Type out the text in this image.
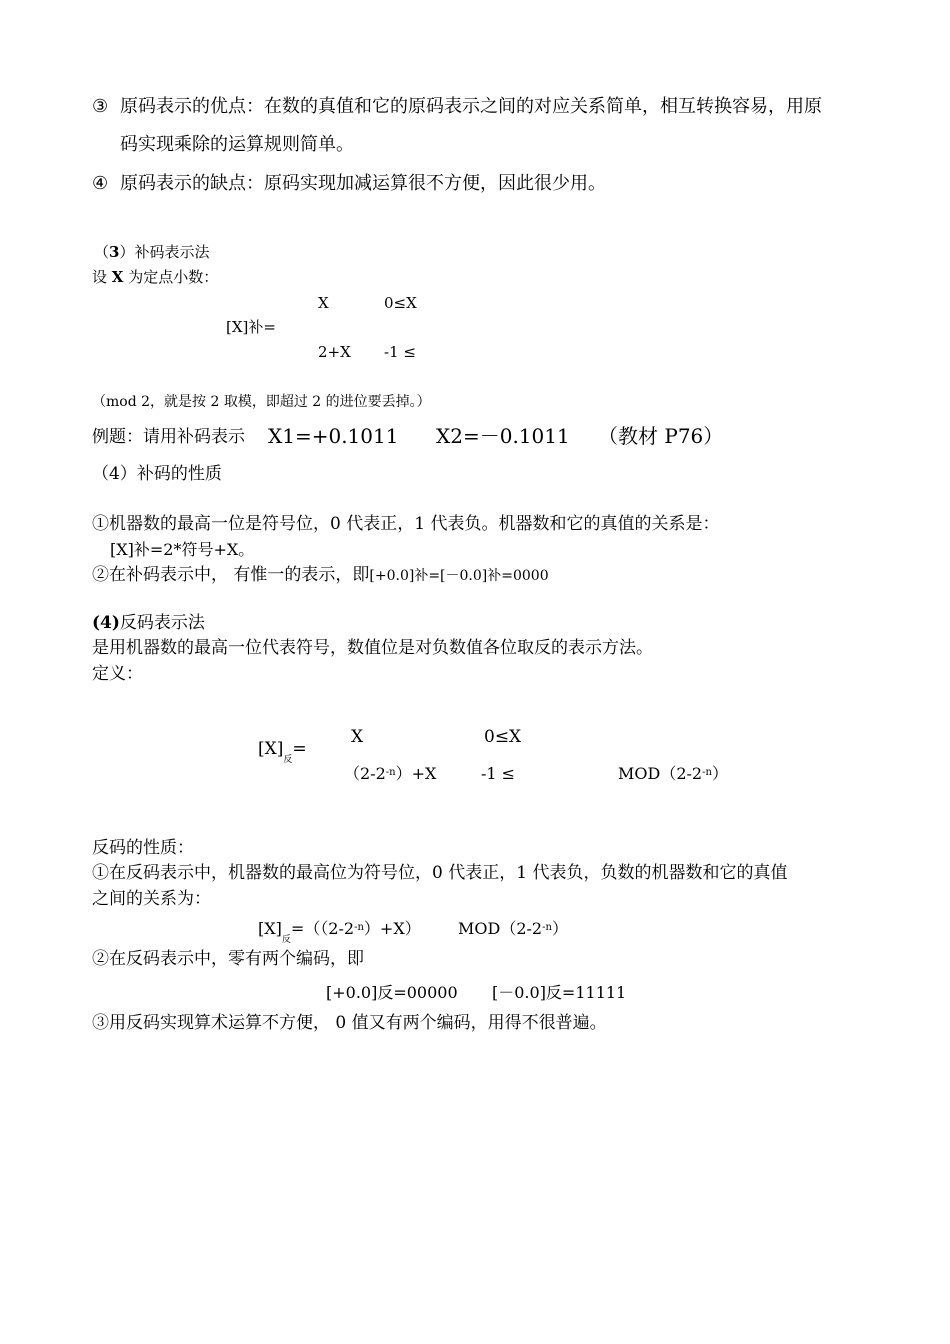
③ 原码表示的优点：在数的真值和它的原码表示之间的对应关系简单，相互转换容易，用原
码实现乘除的运算规则简单。
④ 原码表示的缺点：原码实现加减运算很不方便，因此很少用。
（3）补码表示法
设 X 为定点小数：
X	0≤X
[X]补=
2+X -1 ≤
（mod 2，就是按 2 取模，即超过 2 的进位要丢掉。）
例题：请用补码表示 X1=+0.1011 X2=－0.1011 （教材 P76）
（4）补码的性质
①机器数的最高一位是符号位，0 代表正，1 代表负。机器数和它的真值的关系是：
[X]补=2*符号+X。
②在补码表示中， 有惟一的表示，即[+0.0]补=[－0.0]补=0000
(4)反码表示法
是用机器数的最高一位代表符号，数值位是对负数值各位取反的表示方法。
定义：
$[X]_反=$
X	0≤X
$(2-2^{-n})+X$	-1 ≤	$MOD(2-2^{-n})$
反码的性质：
①在反码表示中，机器数的最高位为符号位，0 代表正，1 代表负，负数的机器数和它的真值
之间的关系为：
$[X]_反=((2-2^{-n})+X)$ $MOD(2-2^{-n})$
②在反码表示中，零有两个编码，即
[+0.0]反=00000 [－0.0]反=11111
③用反码实现算术运算不方便， 0 值又有两个编码，用得不很普遍。
